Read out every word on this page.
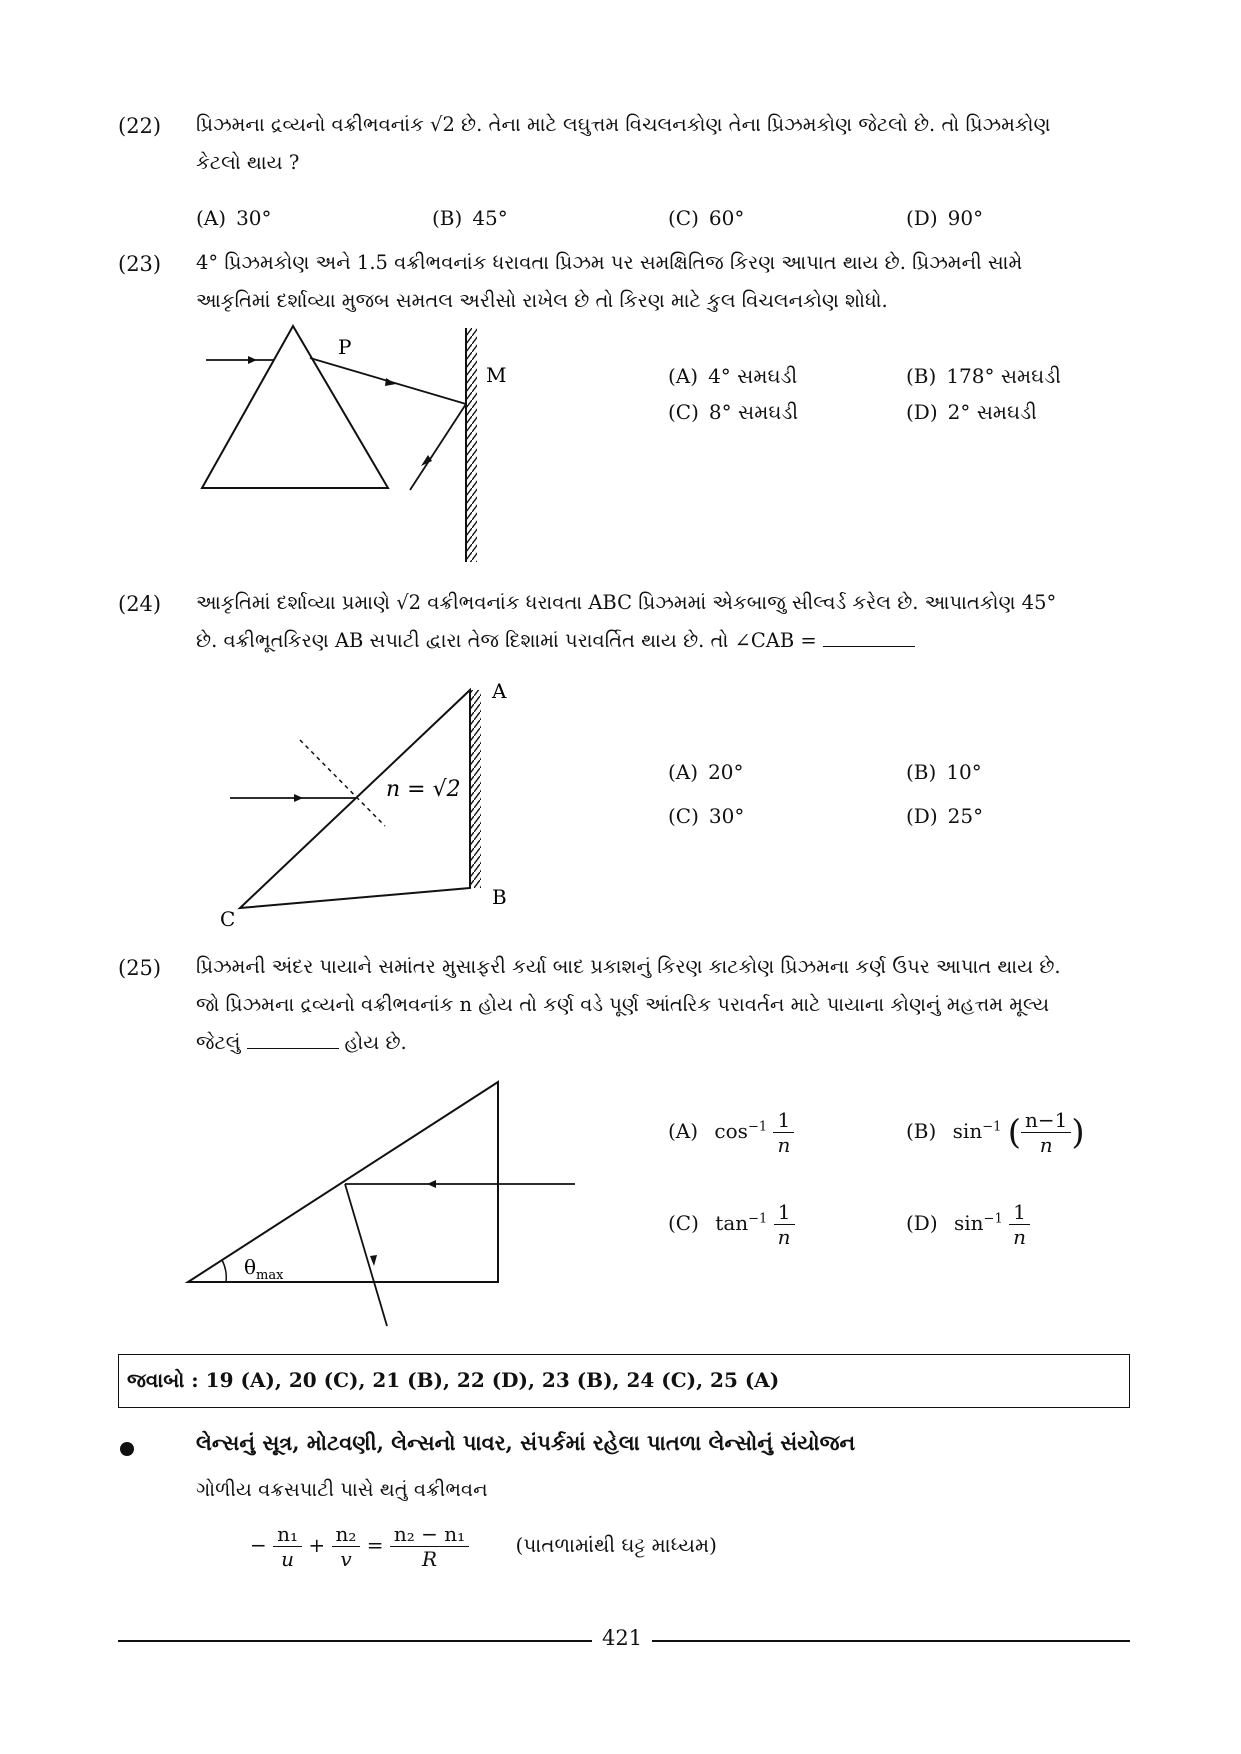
(22) પ્રિઝમના દ્રવ્યનો વક્રીભવનાંક √2 છે. તેના માટે લઘુત્તમ વિચલનકોણ તેના પ્રિઝમકોણ જેટલો છે. તો પ્રિઝમકોણ
કેટલો થાય ?
(A) 30°	(B) 45°	(C) 60°	(D) 90°
(23) 4° પ્રિઝમકોણ અને 1.5 વક્રીભવનાંક ધરાવતા પ્રિઝમ પર સમક્ષિતિજ કિરણ આપાત થાય છે. પ્રિઝમની સામે
આકૃતિમાં દર્શાવ્યા મુજબ સમતલ અરીસો રાખેલ છે તો કિરણ માટે કુલ વિચલનકોણ શોધો.
P
M	(A) 4° સમઘડી	(B) 178° સમઘડી
(C) 8° સમઘડી	(D) 2° સમઘડી
(24) આકૃતિમાં દર્શાવ્યા પ્રમાણે √2 વક્રીભવનાંક ધરાવતા ABC પ્રિઝમમાં એકબાજુ સીલ્વર્ડ કરેલ છે. આપાતકોણ 45°
છે. વક્રીભૂતકિરણ AB સપાટી દ્વારા તેજ દિશામાં પરાવર્તિત થાય છે. તો ∠CAB =
n = √2
A
B
C
(A) 20°	(B) 10°
(C) 30°	(D) 25°
(25) પ્રિઝમની અંદર પાયાને સમાંતર મુસાફરી કર્યા બાદ પ્રકાશનું કિરણ કાટકોણ પ્રિઝમના કર્ણ ઉપર આપાત થાય છે.
જો પ્રિઝમના દ્રવ્યનો વક્રીભવનાંક n હોય તો કર્ણ વડે પૂર્ણ આંતરિક પરાવર્તન માટે પાયાના કોણનું મહત્તમ મૂલ્ય
જેટલું	હોય છે.
$\theta_{max}$
(A) $\cos^{-1} \frac{1}{n}$	(B) $\sin^{-1}$ ( $\frac{n-1}{n}$ )
(C) $\tan^{-1} \frac{1}{n}$	(D) $\sin^{-1} \frac{1}{n}$
જવાબો : 19 (A), 20 (C), 21 (B), 22 (D), 23 (B), 24 (C), 25 (A)
લેન્સનું સૂત્ર, મોટવણી, લેન્સનો પાવર, સંપર્કમાં રહેલા પાતળા લેન્સોનું સંયોજન
ગોળીય વક્રસપાટી પાસે થતું વક્રીભવન
− $\frac{\text{n₁}}{u} + \frac{\text{n₂}}{v} = \frac{\text{n₂ − n₁}}{R}$ (પાતળામાંથી ઘટ્ટ માધ્યમ)
421
